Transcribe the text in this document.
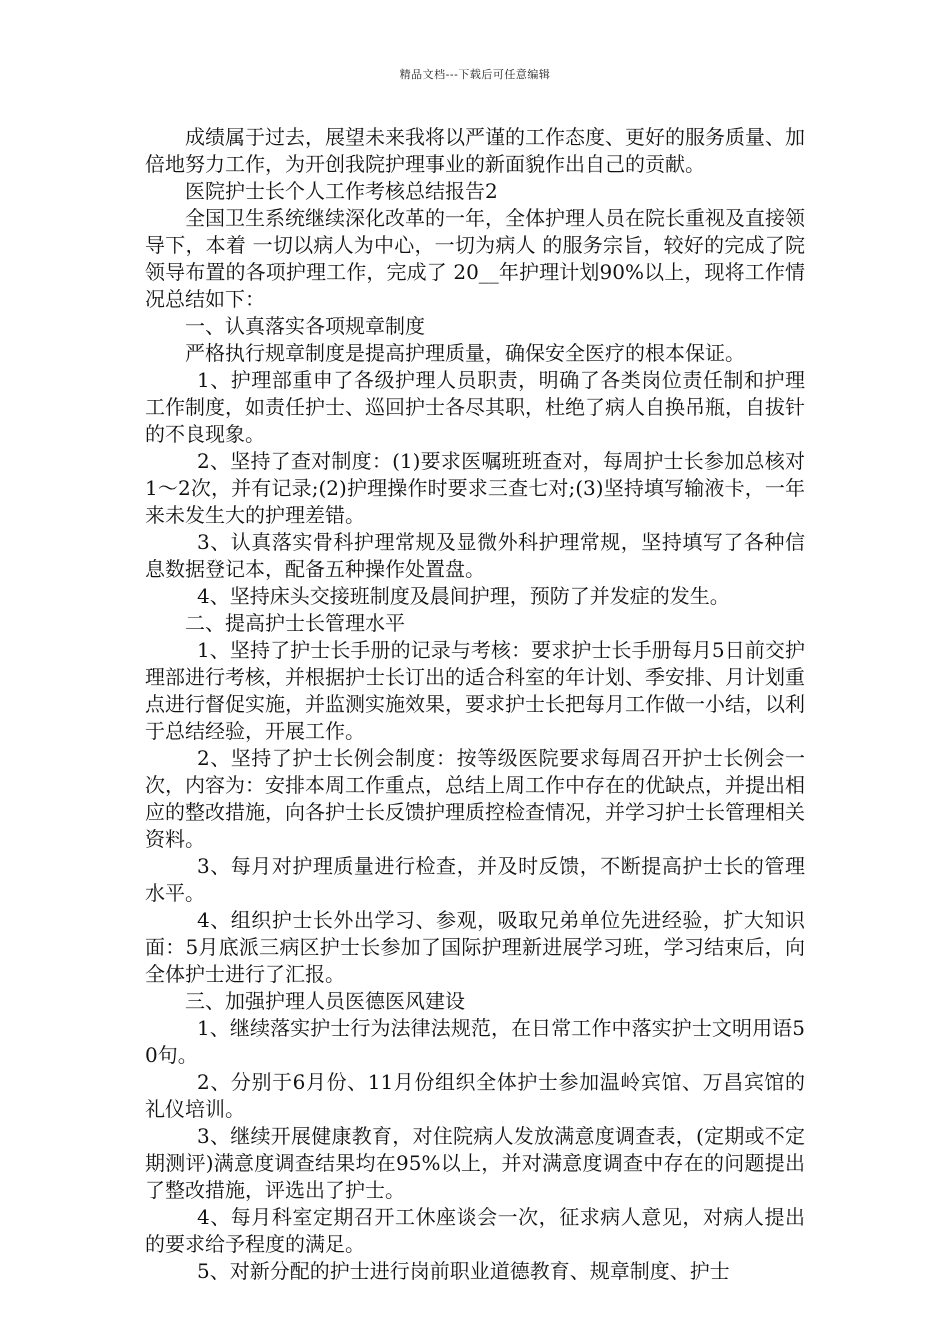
精品文档---下载后可任意编辑

成绩属于过去，展望未来我将以严谨的工作态度、更好的服务质量、加倍地努力工作，为开创我院护理事业的新面貌作出自己的贡献。

医院护士长个人工作考核总结报告2

全国卫生系统继续深化改革的一年，全体护理人员在院长重视及直接领导下，本着 一切以病人为中心，一切为病人 的服务宗旨，较好的完成了院领导布置的各项护理工作，完成了 20__年护理计划90%以上，现将工作情况总结如下：

一、认真落实各项规章制度

严格执行规章制度是提高护理质量，确保安全医疗的根本保证。

1、护理部重申了各级护理人员职责，明确了各类岗位责任制和护理工作制度，如责任护士、巡回护士各尽其职，杜绝了病人自换吊瓶，自拔针的不良现象。

2、坚持了查对制度：(1)要求医嘱班班查对，每周护士长参加总核对1～2次，并有记录;(2)护理操作时要求三查七对;(3)坚持填写输液卡，一年来未发生大的护理差错。

3、认真落实骨科护理常规及显微外科护理常规，坚持填写了各种信息数据登记本，配备五种操作处置盘。

4、坚持床头交接班制度及晨间护理，预防了并发症的发生。

二、提高护士长管理水平

1、坚持了护士长手册的记录与考核：要求护士长手册每月5日前交护理部进行考核，并根据护士长订出的适合科室的年计划、季安排、月计划重点进行督促实施，并监测实施效果，要求护士长把每月工作做一小结，以利于总结经验，开展工作。

2、坚持了护士长例会制度：按等级医院要求每周召开护士长例会一次，内容为：安排本周工作重点，总结上周工作中存在的优缺点，并提出相应的整改措施，向各护士长反馈护理质控检查情况，并学习护士长管理相关资料。

3、每月对护理质量进行检查，并及时反馈，不断提高护士长的管理水平。

4、组织护士长外出学习、参观，吸取兄弟单位先进经验，扩大知识面：5月底派三病区护士长参加了国际护理新进展学习班，学习结束后，向全体护士进行了汇报。

三、加强护理人员医德医风建设

1、继续落实护士行为法律法规范，在日常工作中落实护士文明用语50句。

2、分别于6月份、11月份组织全体护士参加温岭宾馆、万昌宾馆的礼仪培训。

3、继续开展健康教育，对住院病人发放满意度调查表，(定期或不定期测评)满意度调查结果均在95%以上，并对满意度调查中存在的问题提出了整改措施，评选出了护士。

4、每月科室定期召开工休座谈会一次，征求病人意见，对病人提出的要求给予程度的满足。

5、对新分配的护士进行岗前职业道德教育、规章制度、护士
